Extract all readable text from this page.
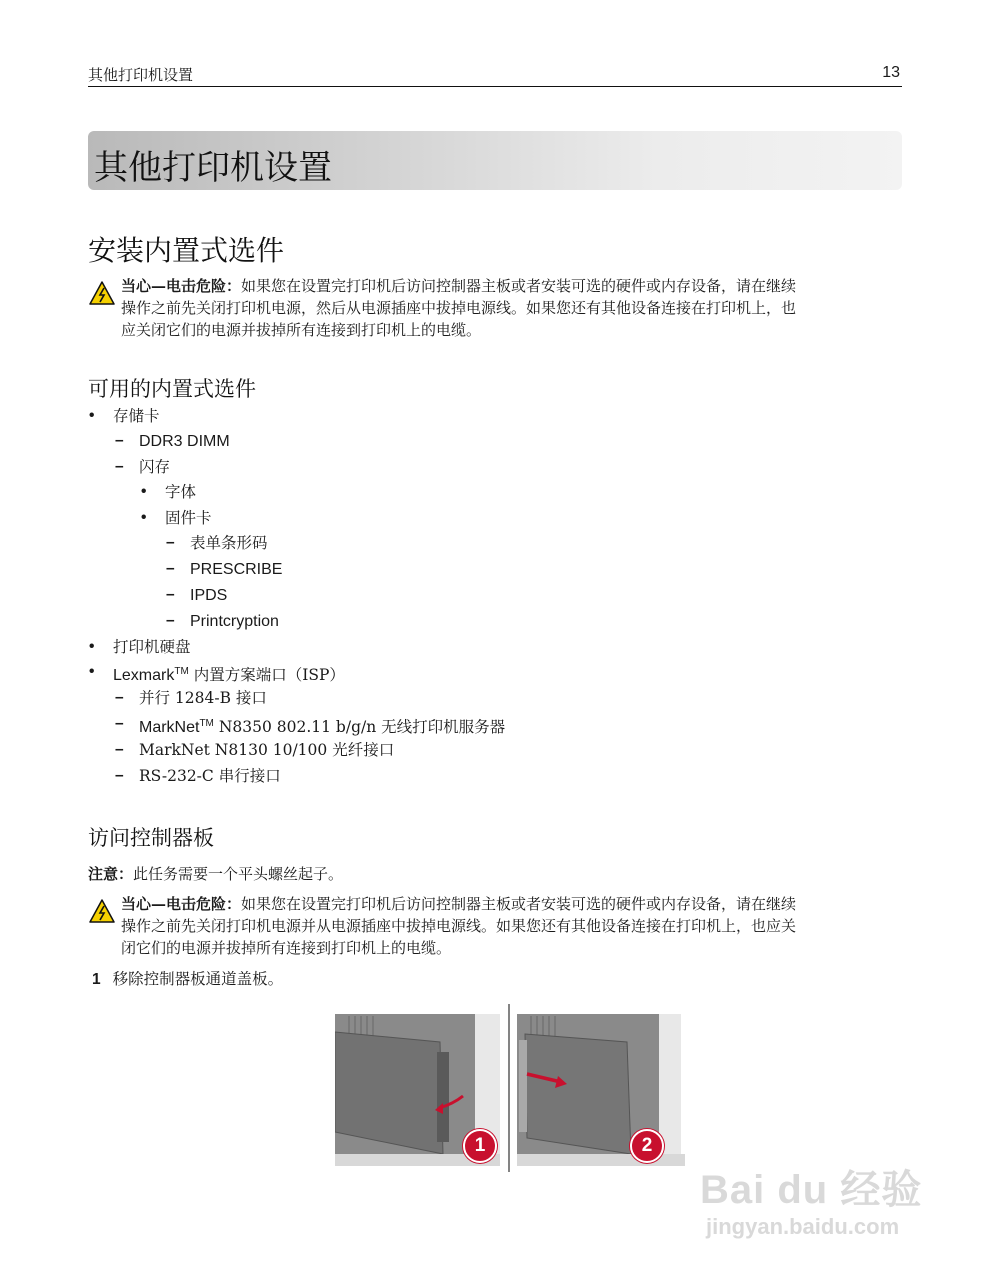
其他打印机设置	13
其他打印机设置
安装内置式选件
当心—电击危险：如果您在设置完打印机后访问控制器主板或者安装可选的硬件或内存设备，请在继续
操作之前先关闭打印机电源，然后从电源插座中拔掉电源线。如果您还有其他设备连接在打印机上，也
应关闭它们的电源并拔掉所有连接到打印机上的电缆。
可用的内置式选件
• 存储卡
– DDR3 DIMM
– 闪存
• 字体
• 固件卡
– 表单条形码
– PRESCRIBE
– IPDS
– Printcryption
• 打印机硬盘
• Lexmark™ 内置方案端口（ISP）
– 并行 1284-B 接口
– MarkNet™ N8350 802.11 b/g/n 无线打印机服务器
– MarkNet N8130 10/100 光纤接口
– RS-232-C 串行接口
访问控制器板
注意：此任务需要一个平头螺丝起子。
当心—电击危险：如果您在设置完打印机后访问控制器主板或者安装可选的硬件或内存设备，请在继续
操作之前先关闭打印机电源并从电源插座中拔掉电源线。如果您还有其他设备连接在打印机上，也应关
闭它们的电源并拔掉所有连接到打印机上的电缆。
1 移除控制器板通道盖板。
1	2
Bai du 经验
jingyan.baidu.com
